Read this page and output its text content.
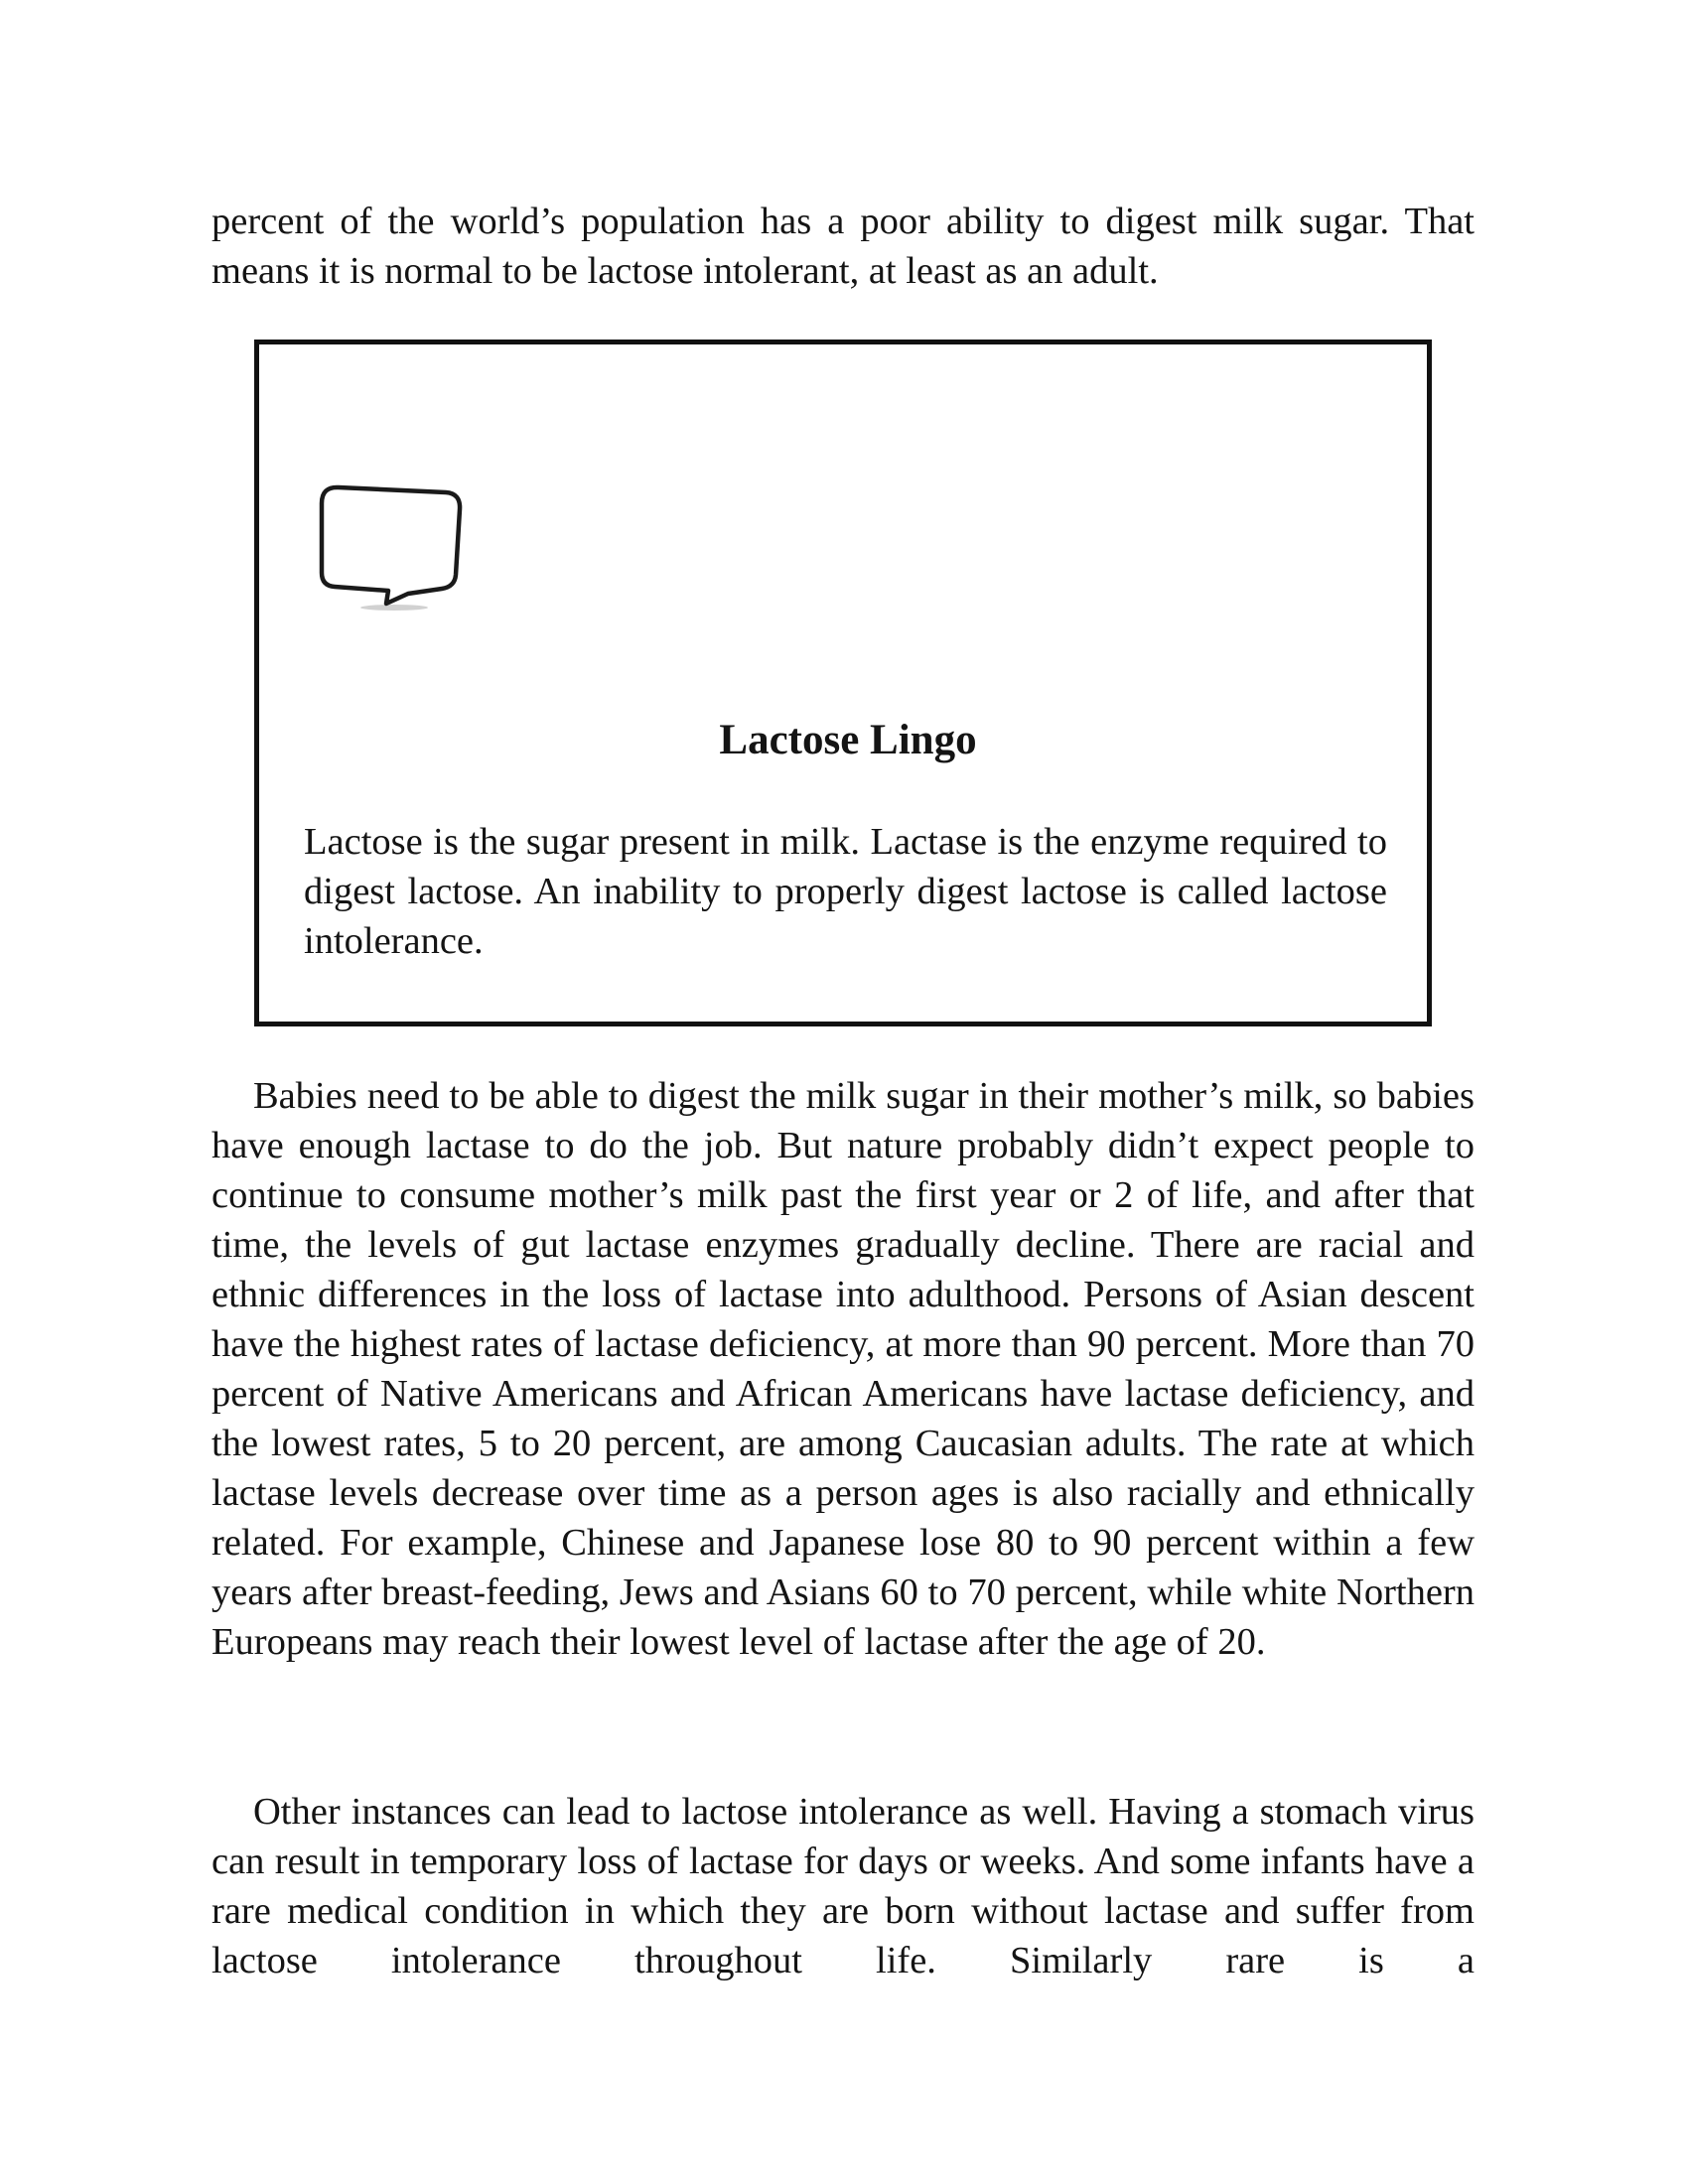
percent of the world’s population has a poor ability to digest milk sugar. That means it is normal to be lactose intolerant, at least as an adult.

Lactose Lingo

Lactose is the sugar present in milk. Lactase is the enzyme required to digest lactose. An inability to properly digest lactose is called lactose intolerance.

Babies need to be able to digest the milk sugar in their mother’s milk, so babies have enough lactase to do the job. But nature probably didn’t expect people to continue to consume mother’s milk past the first year or 2 of life, and after that time, the levels of gut lactase enzymes gradually decline. There are racial and ethnic differences in the loss of lactase into adulthood. Persons of Asian descent have the highest rates of lactase deficiency, at more than 90 percent. More than 70 percent of Native Americans and African Americans have lactase deficiency, and the lowest rates, 5 to 20 percent, are among Caucasian adults. The rate at which lactase levels decrease over time as a person ages is also racially and ethnically related. For example, Chinese and Japanese lose 80 to 90 percent within a few years after breast-feeding, Jews and Asians 60 to 70 percent, while white Northern Europeans may reach their lowest level of lactase after the age of 20.

Other instances can lead to lactose intolerance as well. Having a stomach virus can result in temporary loss of lactase for days or weeks. And some infants have a rare medical condition in which they are born without lactase and suffer from lactose intolerance throughout life. Similarly rare is a
